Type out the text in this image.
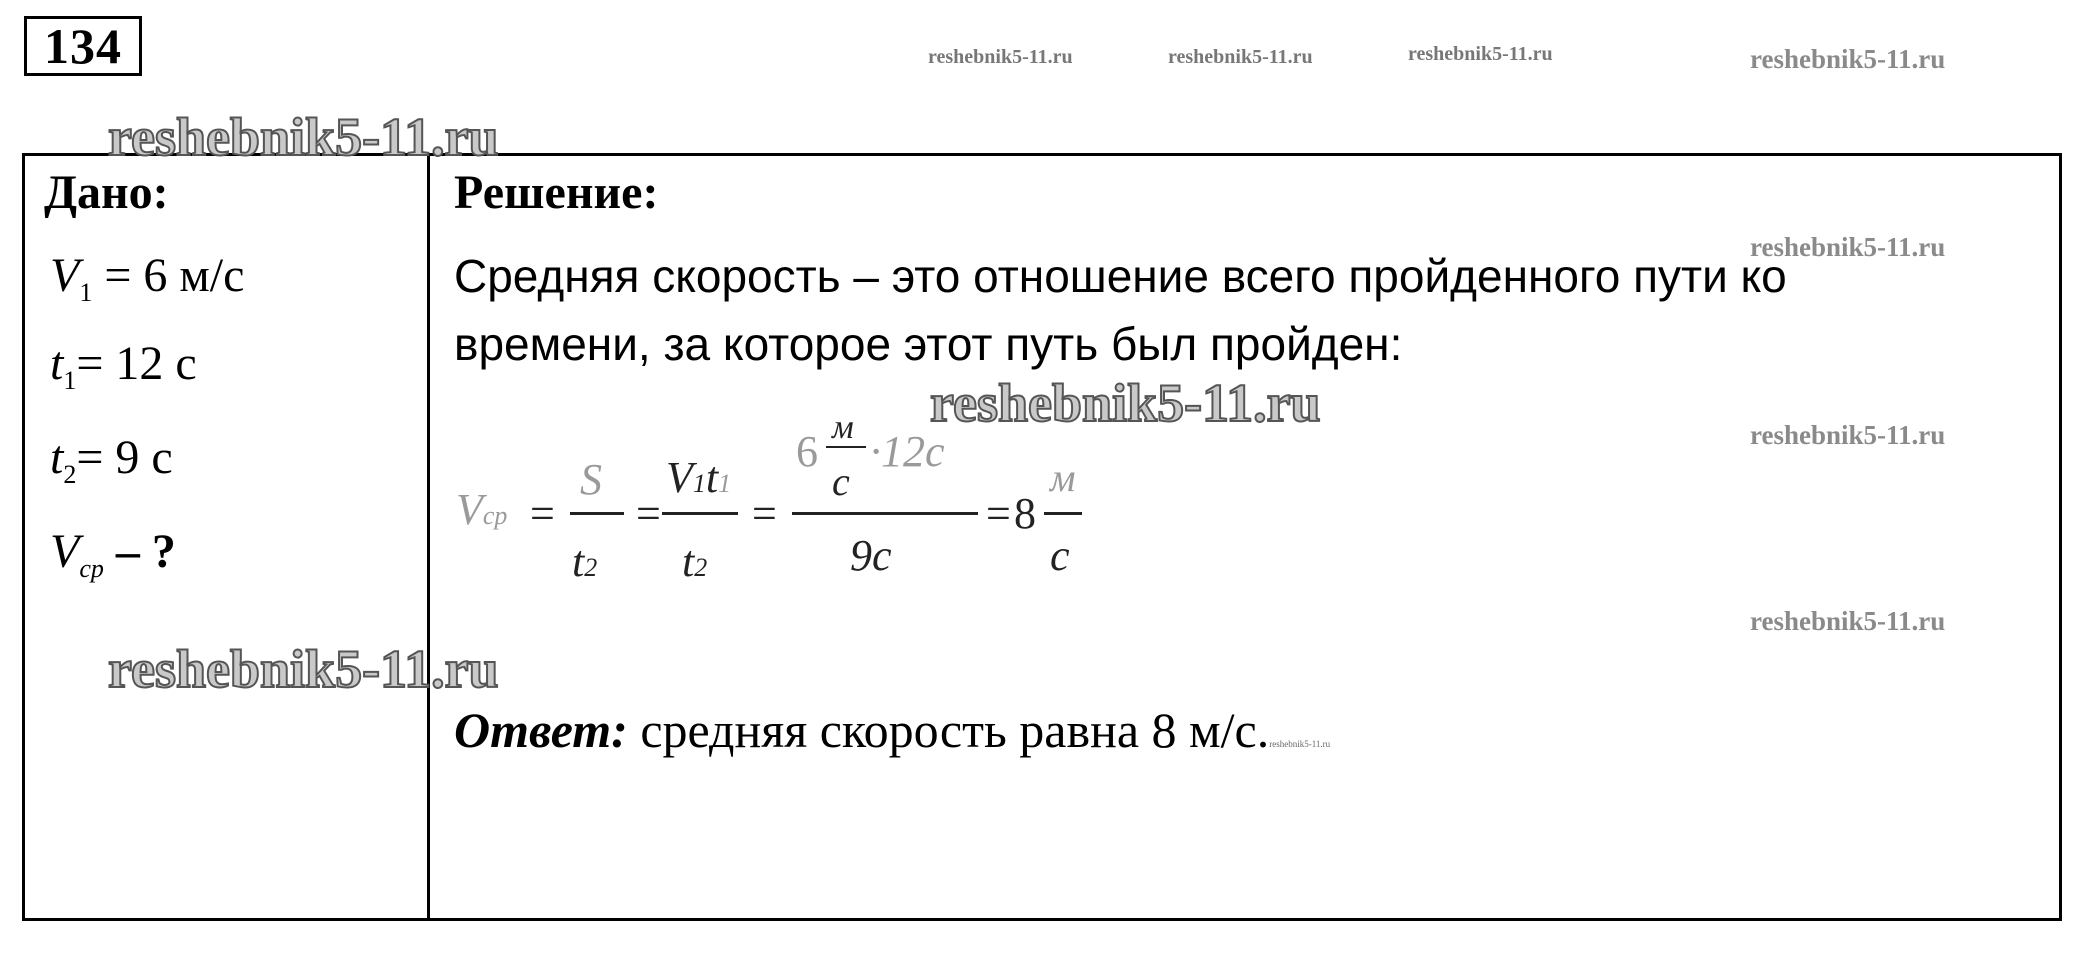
134	reshebnik5-11.ru	reshebnik5-11.ru	reshebnik5-11.ru	reshebnik5-11.ru
Дано:
$V_1 = 6$ м/с
$t_1= 12$ с
$t_2= 9$ с
$V_{ср}$ – ?
Решение:
Средняя скорость – это отношение всего пройденного пути ко
времени, за которое этот путь был пройден:
Vср =
S
t2
=
V1t1
t2
=
6 м
с
·12с
9с
= 8
м
с
Ответ: средняя скорость равна 8 м/с.reshebnik5-11.ru
reshebnik5-11.ru
reshebnik5-11.ru
reshebnik5-11.ru
reshebnik5-11.ru
reshebnik5-11.ru
reshebnik5-11.ru
